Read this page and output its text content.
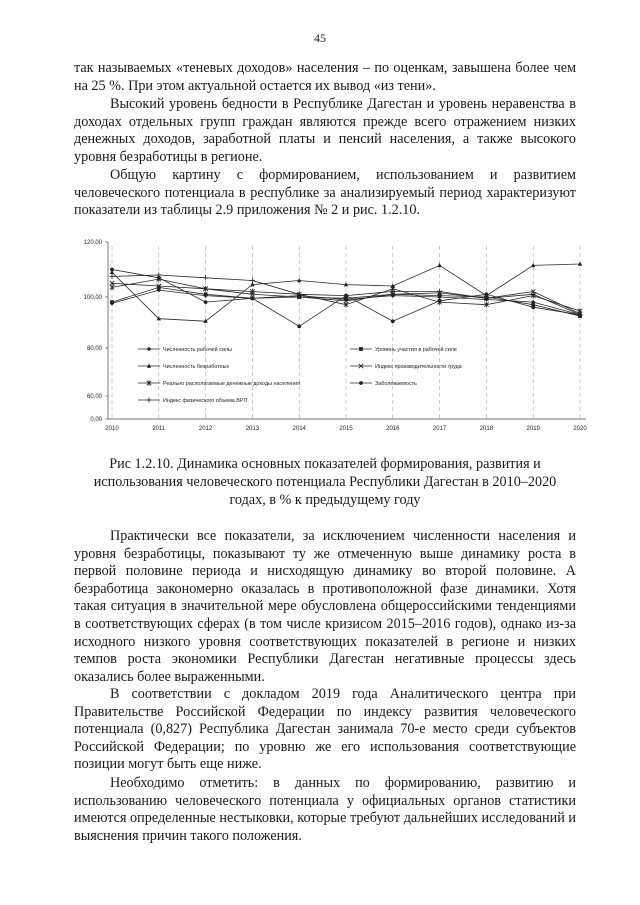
45

так называемых «теневых доходов» населения – по оценкам, завышена более чем на 25 %. При этом актуальной остается их вывод «из тени».

Высокий уровень бедности в Республике Дагестан и уровень неравенства в доходах отдельных групп граждан являются прежде всего отражением низких денежных доходов, заработной платы и пенсий населения, а также высокого уровня безработицы в регионе.

Общую картину с формированием, использованием и развитием человеческого потенциала в республике за анализируемый период характеризуют показатели из таблицы 2.9 приложения № 2 и рис. 1.2.10.

120,00
100,00
80,00
60,00
0,00
2010	2011	2012	2013	2014	2015	2016	2017	2018	2019	2020
Численность рабочей силы
Численность безработных
Реально располагаемые денежные доходы населения
Индекс физического объема ВРП
Уровень участия в рабочей силе
Индекс производительности труда
Заболеваемость

Рис 1.2.10. Динамика основных показателей формирования, развития и использования человеческого потенциала Республики Дагестан в 2010–2020 годах, в % к предыдущему году

Практически все показатели, за исключением численности населения и уровня безработицы, показывают ту же отмеченную выше динамику роста в первой половине периода и нисходящую динамику во второй половине. А безработица закономерно оказалась в противоположной фазе динамики. Хотя такая ситуация в значительной мере обусловлена общероссийскими тенденциями в соответствующих сферах (в том числе кризисом 2015–2016 годов), однако из-за исходного низкого уровня соответствующих показателей в регионе и низких темпов роста экономики Республики Дагестан негативные процессы здесь оказались более выраженными.

В соответствии с докладом 2019 года Аналитического центра при Правительстве Российской Федерации по индексу развития человеческого потенциала (0,827) Республика Дагестан занимала 70-е место среди субъектов Российской Федерации; по уровню же его использования соответствующие позиции могут быть еще ниже.

Необходимо отметить: в данных по формированию, развитию и использованию человеческого потенциала у официальных органов статистики имеются определенные нестыковки, которые требуют дальнейших исследований и выяснения причин такого положения.
